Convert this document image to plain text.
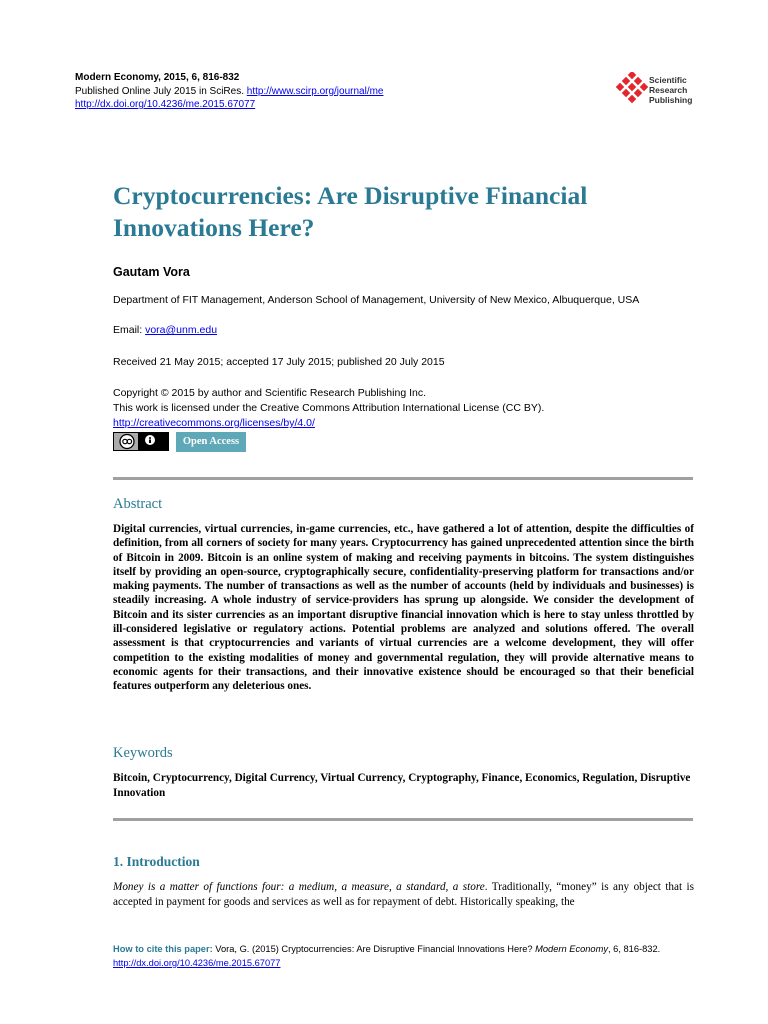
Modern Economy, 2015, 6, 816-832
Published Online July 2015 in SciRes. http://www.scirp.org/journal/me
http://dx.doi.org/10.4236/me.2015.67077
Scientific
Research
Publishing
Cryptocurrencies: Are Disruptive Financial
Innovations Here?
Gautam Vora
Department of FIT Management, Anderson School of Management, University of New Mexico, Albuquerque, USA
Email: vora@unm.edu
Received 21 May 2015; accepted 17 July 2015; published 20 July 2015
Copyright © 2015 by author and Scientific Research Publishing Inc.
This work is licensed under the Creative Commons Attribution International License (CC BY).
http://creativecommons.org/licenses/by/4.0/
Open Access
Abstract

Digital currencies, virtual currencies, in-game currencies, etc., have gathered a lot of attention, despite the difficulties of definition, from all corners of society for many years. Cryptocurrency has gained unprecedented attention since the birth of Bitcoin in 2009. Bitcoin is an online system of making and receiving payments in bitcoins. The system distinguishes itself by providing an open-source, cryptographically secure, confidentiality-preserving platform for transactions and/or making payments. The number of transactions as well as the number of accounts (held by individuals and businesses) is steadily increasing. A whole industry of service-providers has sprung up alongside. We consider the development of Bitcoin and its sister currencies as an important disruptive financial innovation which is here to stay unless throttled by ill-considered legislative or regulatory actions. Potential problems are analyzed and solutions offered. The overall assessment is that cryptocurrencies and variants of virtual currencies are a welcome development, they will offer competition to the existing modalities of money and governmental regulation, they will provide alternative means to economic agents for their transactions, and their innovative existence should be encouraged so that their beneficial features outperform any deleterious ones.

Keywords

Bitcoin, Cryptocurrency, Digital Currency, Virtual Currency, Cryptography, Finance, Economics, Regulation, Disruptive Innovation

1. Introduction

Money is a matter of functions four: a medium, a measure, a standard, a store. Traditionally, “money” is any object that is accepted in payment for goods and services as well as for repayment of debt. Historically speaking, the

How to cite this paper: Vora, G. (2015) Cryptocurrencies: Are Disruptive Financial Innovations Here? Modern Economy, 6, 816-832. http://dx.doi.org/10.4236/me.2015.67077
